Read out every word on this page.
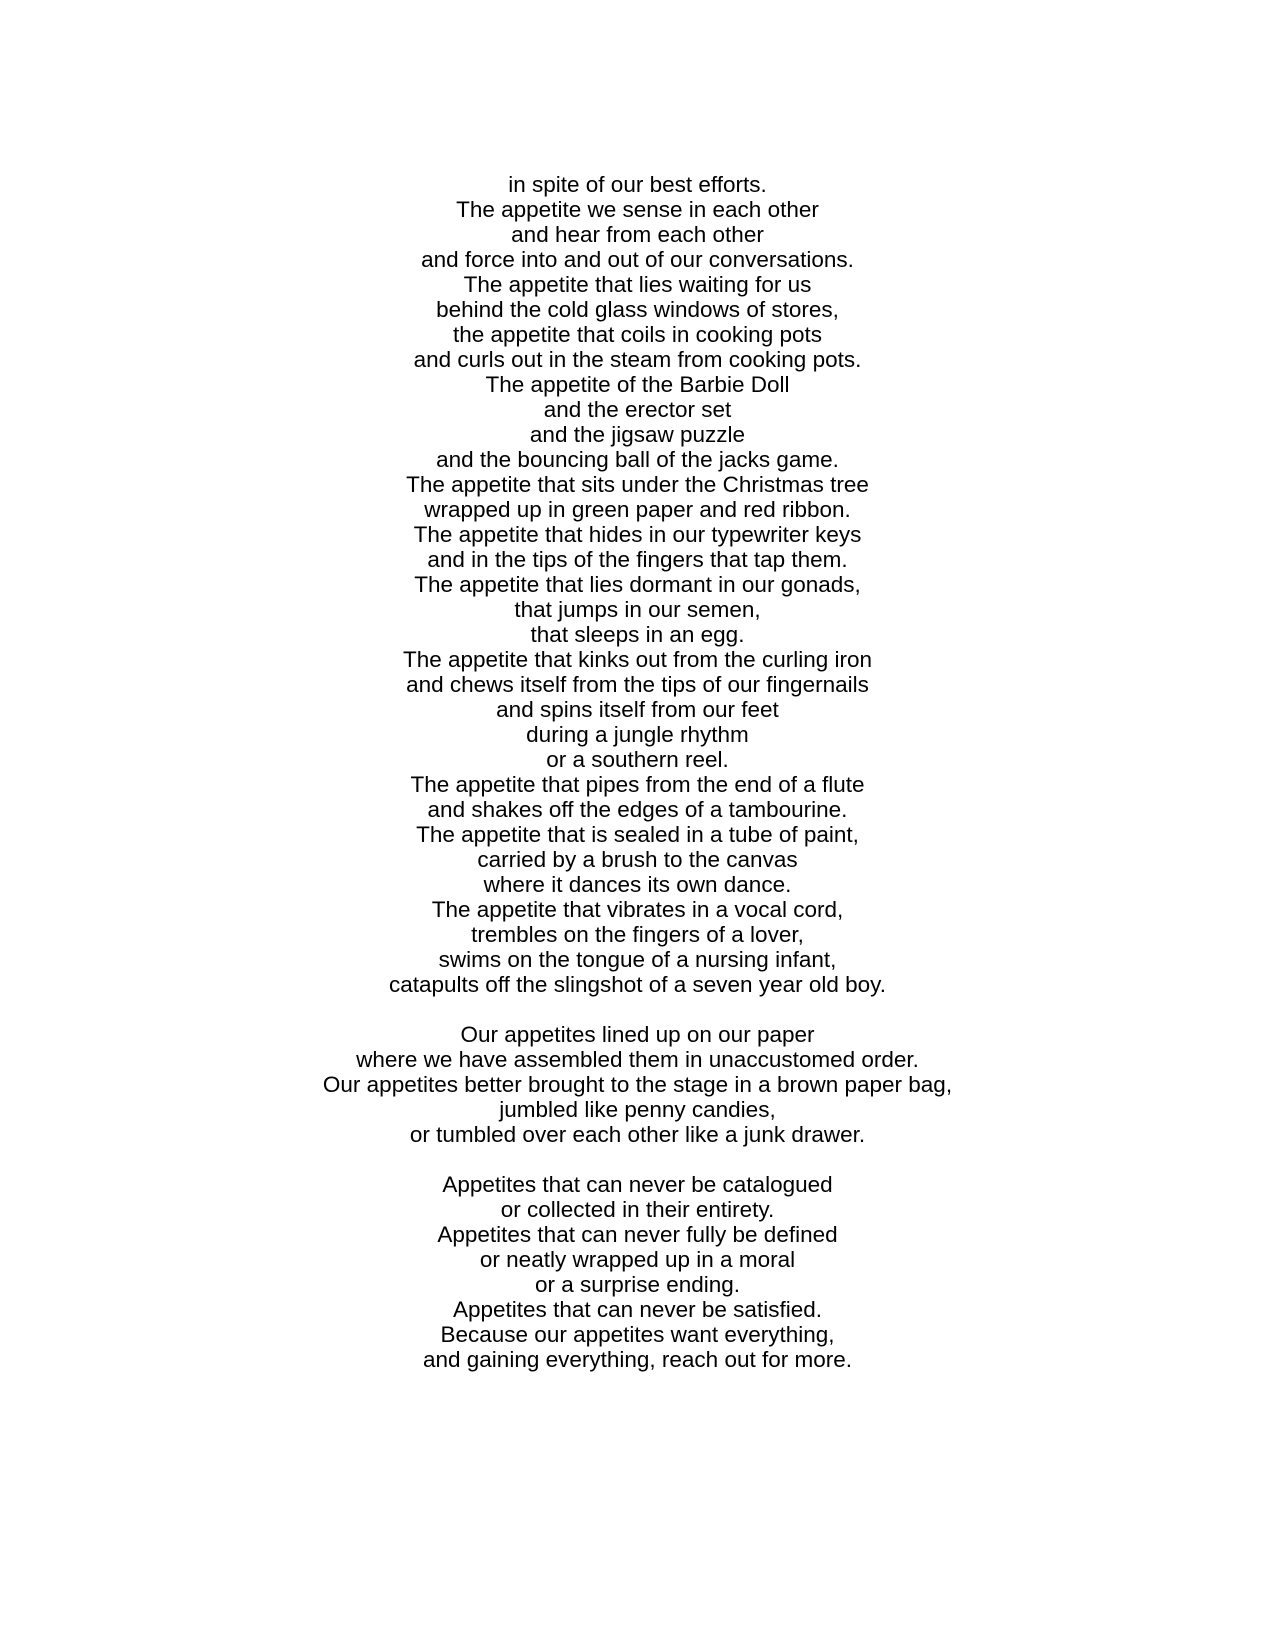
in spite of our best efforts.
The appetite we sense in each other
and hear from each other
and force into and out of our conversations.
The appetite that lies waiting for us
behind the cold glass windows of stores,
the appetite that coils in cooking pots
and curls out in the steam from cooking pots.
The appetite of the Barbie Doll
and the erector set
and the jigsaw puzzle
and the bouncing ball of the jacks game.
The appetite that sits under the Christmas tree
wrapped up in green paper and red ribbon.
The appetite that hides in our typewriter keys
and in the tips of the fingers that tap them.
The appetite that lies dormant in our gonads,
that jumps in our semen,
that sleeps in an egg.
The appetite that kinks out from the curling iron
and chews itself from the tips of our fingernails
and spins itself from our feet
during a jungle rhythm
or a southern reel.
The appetite that pipes from the end of a flute
and shakes off the edges of a tambourine.
The appetite that is sealed in a tube of paint,
carried by a brush to the canvas
where it dances its own dance.
The appetite that vibrates in a vocal cord,
trembles on the fingers of a lover,
swims on the tongue of a nursing infant,
catapults off the slingshot of a seven year old boy.
Our appetites lined up on our paper
where we have assembled them in unaccustomed order.
Our appetites better brought to the stage in a brown paper bag,
jumbled like penny candies,
or tumbled over each other like a junk drawer.
Appetites that can never be catalogued
or collected in their entirety.
Appetites that can never fully be defined
or neatly wrapped up in a moral
or a surprise ending.
Appetites that can never be satisfied.
Because our appetites want everything,
and gaining everything, reach out for more.
